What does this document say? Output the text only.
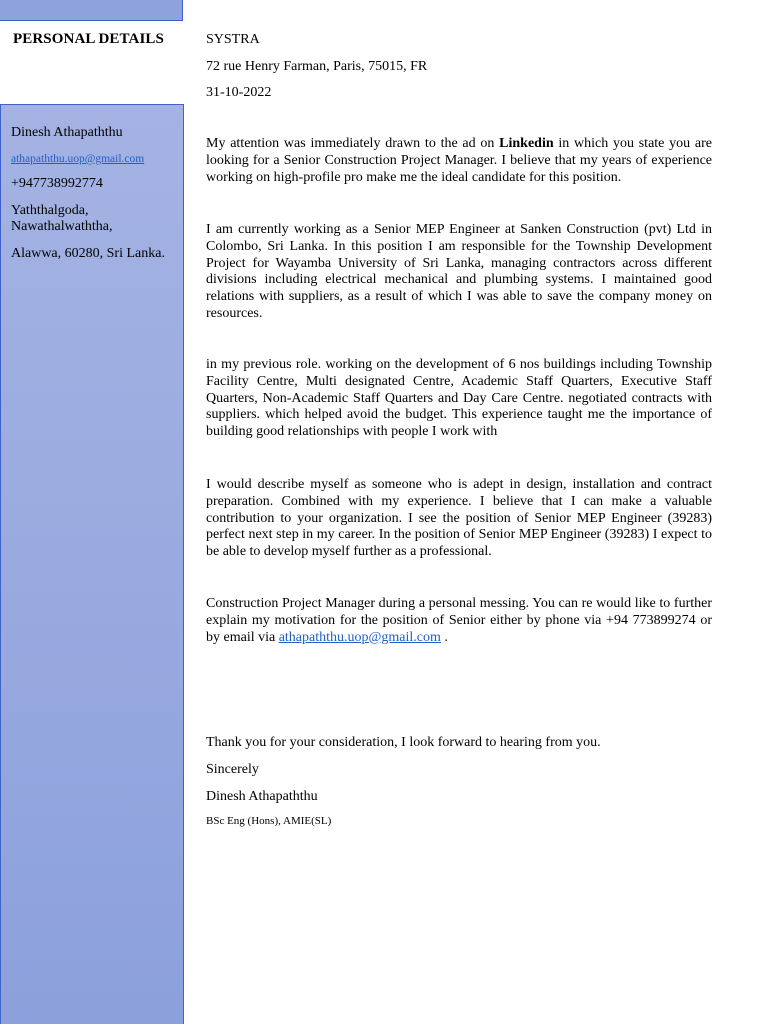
PERSONAL DETAILS
Dinesh Athapaththu
athapaththu.uop@gmail.com
+947738992774
Yaththalgoda,
Nawathalwaththa,
Alawwa, 60280, Sri Lanka.
SYSTRA
72 rue Henry Farman, Paris, 75015, FR
31-10-2022

My attention was immediately drawn to the ad on Linkedin in which you state you are looking for a Senior Construction Project Manager. I believe that my years of experience working on high-profile pro make me the ideal candidate for this position.

I am currently working as a Senior MEP Engineer at Sanken Construction (pvt) Ltd in Colombo, Sri Lanka. In this position I am responsible for the Township Development Project for Wayamba University of Sri Lanka, managing contractors across different divisions including electrical mechanical and plumbing systems. I maintained good relations with suppliers, as a result of which I was able to save the company money on resources.

in my previous role. working on the development of 6 nos buildings including Township Facility Centre, Multi designated Centre, Academic Staff Quarters, Executive Staff Quarters, Non-Academic Staff Quarters and Day Care Centre. negotiated contracts with suppliers. which helped avoid the budget. This experience taught me the importance of building good relationships with people I work with

I would describe myself as someone who is adept in design, installation and contract preparation. Combined with my experience. I believe that I can make a valuable contribution to your organization. I see the position of Senior MEP Engineer (39283) perfect next step in my career. In the position of Senior MEP Engineer (39283) I expect to be able to develop myself further as a professional.

Construction Project Manager during a personal messing. You can re would like to further explain my motivation for the position of Senior either by phone via +94 773899274 or by email via athapaththu.uop@gmail.com .

Thank you for your consideration, I look forward to hearing from you.
Sincerely
Dinesh Athapaththu
BSc Eng (Hons), AMIE(SL)
